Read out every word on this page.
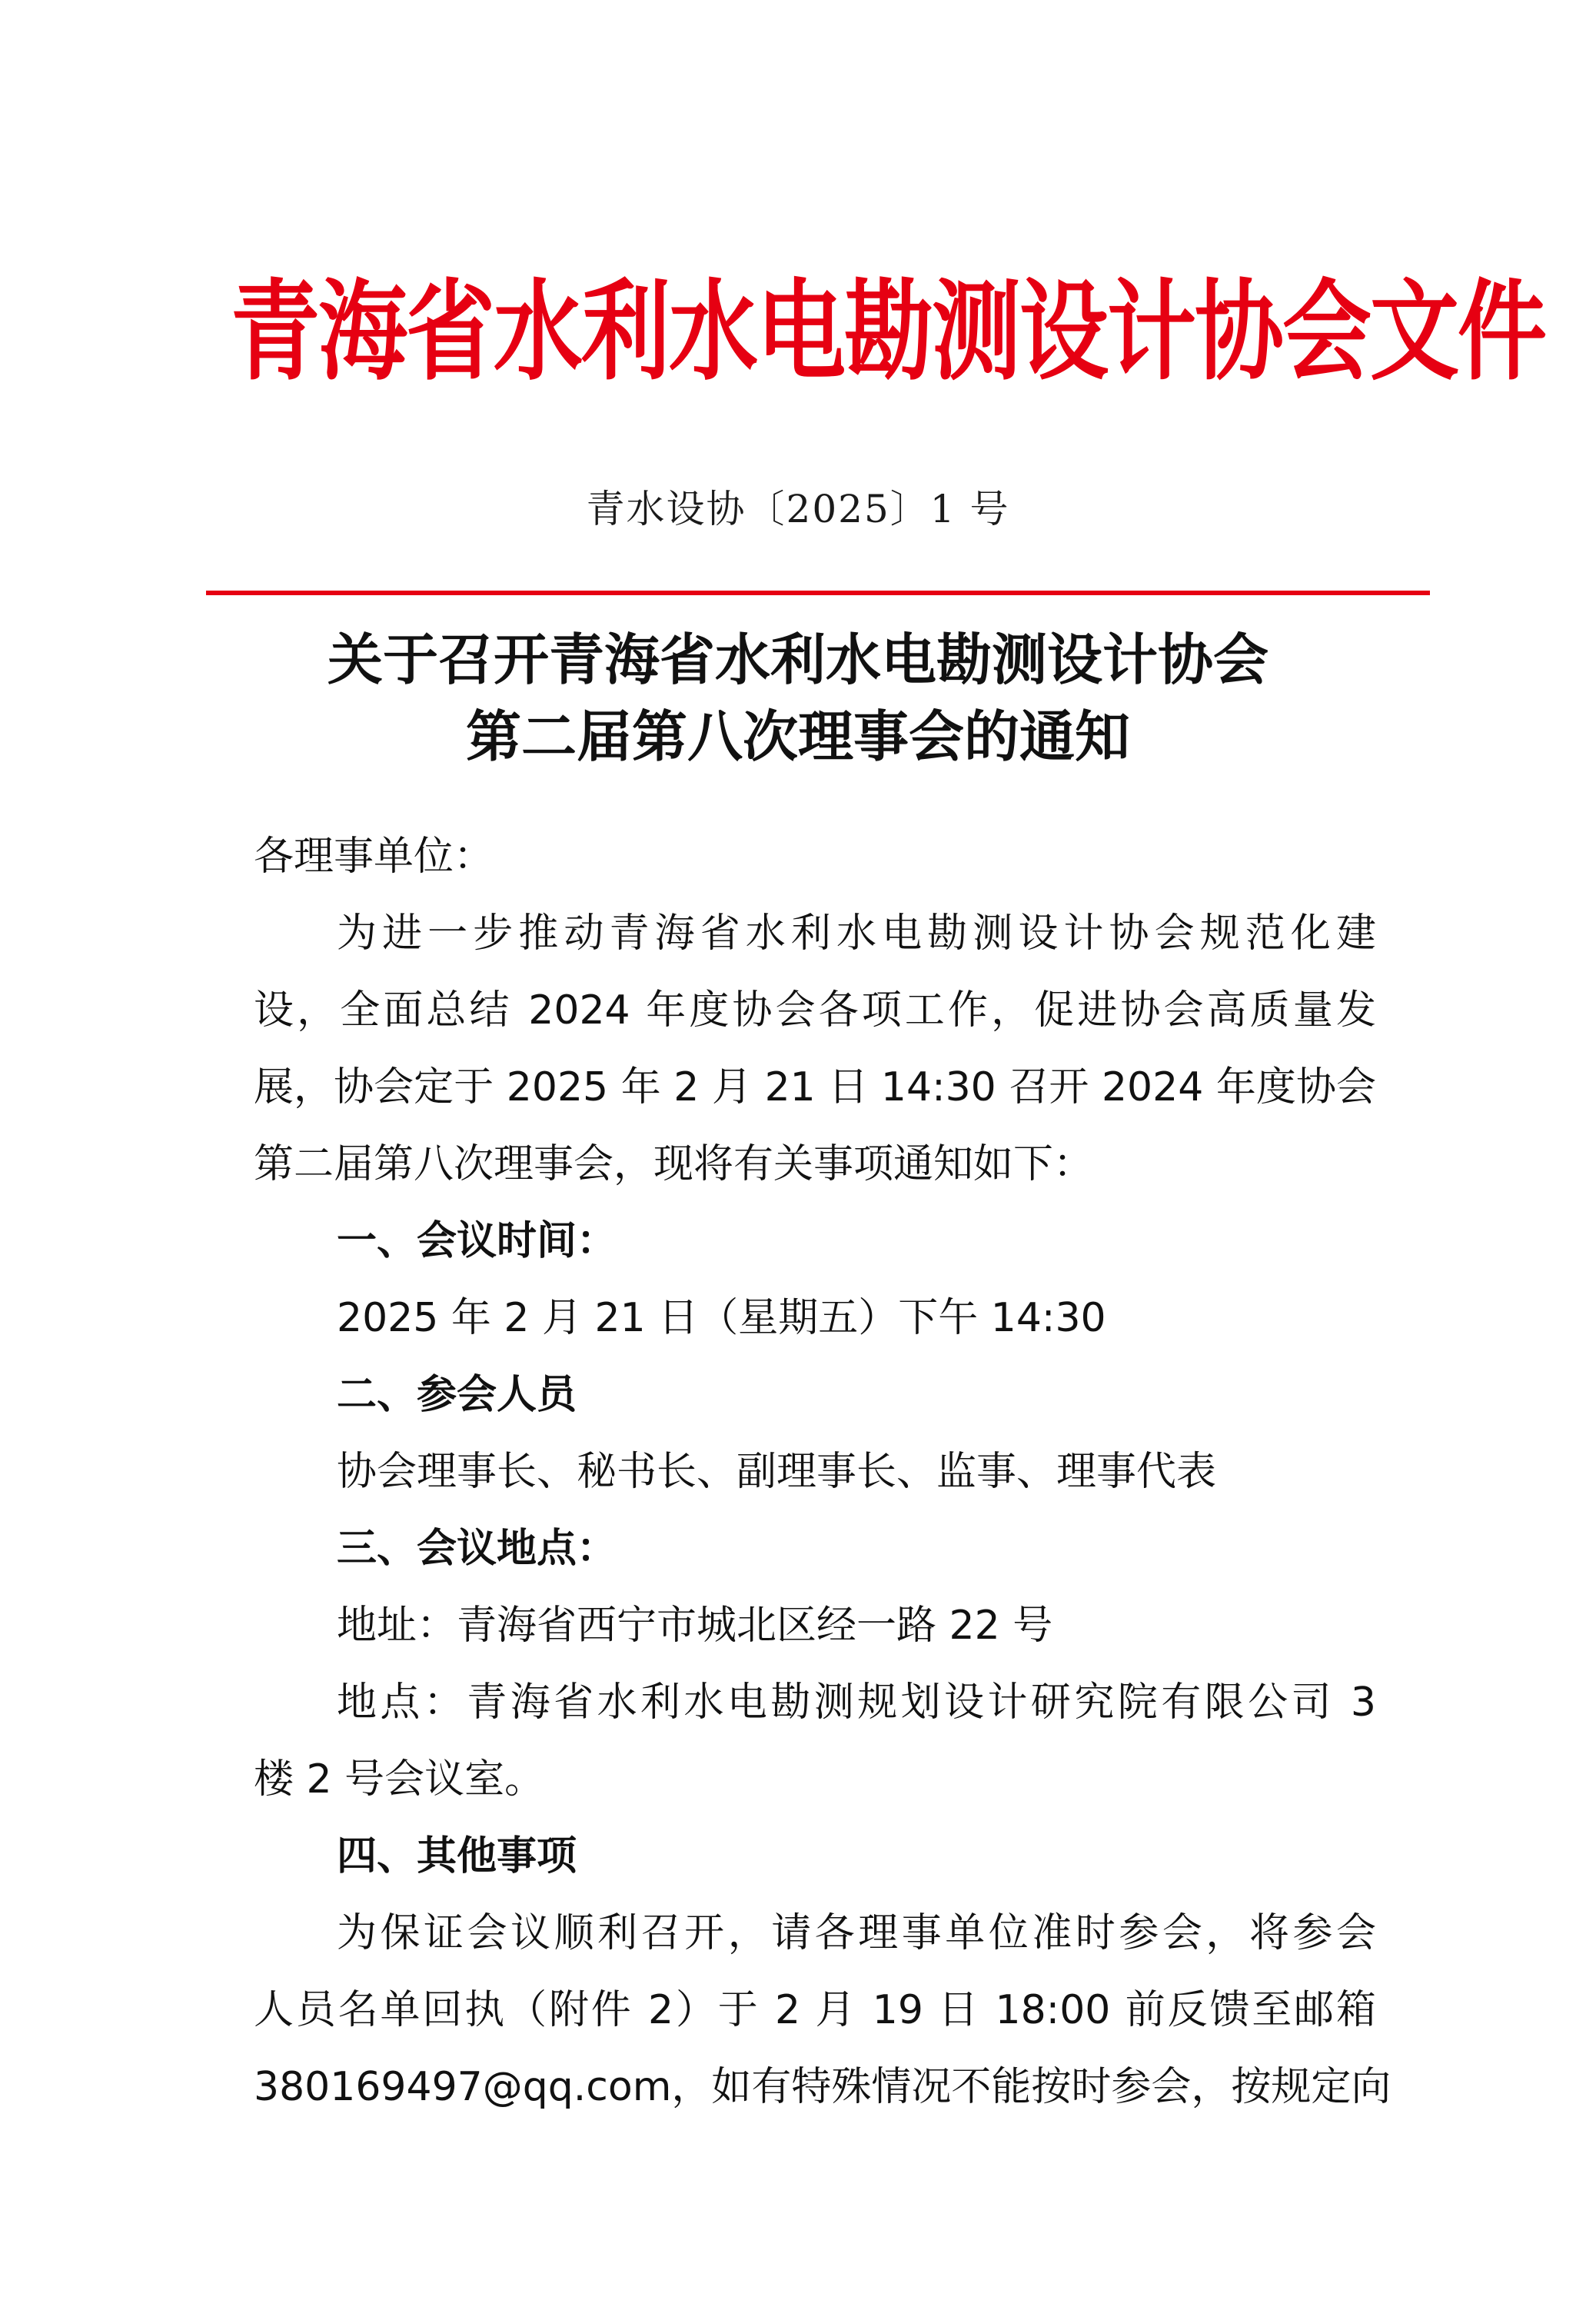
青海省水利水电勘测设计协会文件
青水设协〔2025〕1 号
关于召开青海省水利水电勘测设计协会
第二届第八次理事会的通知
各理事单位：
为进一步推动青海省水利水电勘测设计协会规范化建
设，全面总结 2024 年度协会各项工作，促进协会高质量发
展，协会定于 2025 年 2 月 21 日 14:30 召开 2024 年度协会
第二届第八次理事会，现将有关事项通知如下：
一、会议时间：
2025 年 2 月 21 日（星期五）下午 14:30
二、参会人员
协会理事长、秘书长、副理事长、监事、理事代表
三、会议地点：
地址：青海省西宁市城北区经一路 22 号
地点：青海省水利水电勘测规划设计研究院有限公司 3
楼 2 号会议室。
四、其他事项
为保证会议顺利召开，请各理事单位准时参会，将参会
人员名单回执（附件 2）于 2 月 19 日 18:00 前反馈至邮箱
380169497@qq.com，如有特殊情况不能按时参会，按规定向
